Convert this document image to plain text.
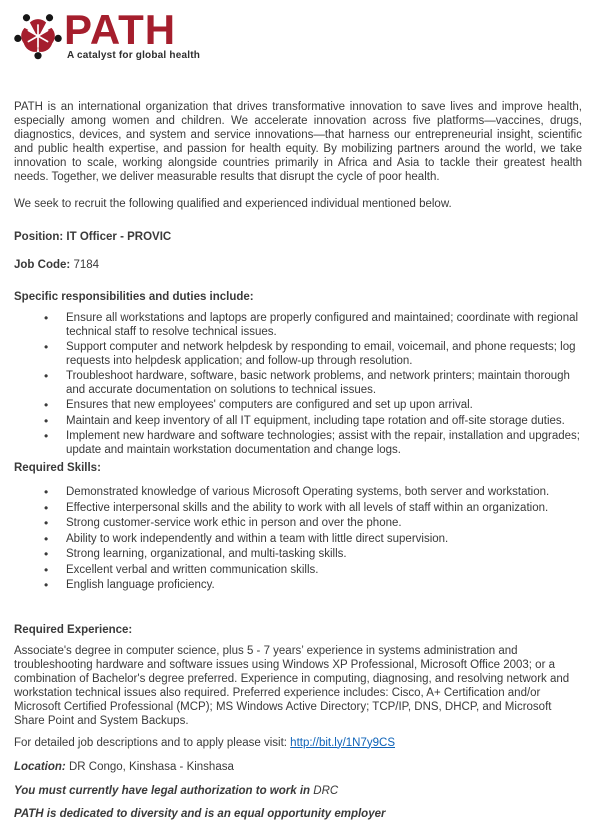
PATH
A catalyst for global health

PATH is an international organization that drives transformative innovation to save lives and improve health, especially among women and children. We accelerate innovation across five platforms—vaccines, drugs, diagnostics, devices, and system and service innovations—that harness our entrepreneurial insight, scientific and public health expertise, and passion for health equity. By mobilizing partners around the world, we take innovation to scale, working alongside countries primarily in Africa and Asia to tackle their greatest health needs. Together, we deliver measurable results that disrupt the cycle of poor health.

We seek to recruit the following qualified and experienced individual mentioned below.

Position: IT Officer - PROVIC

Job Code: 7184

Specific responsibilities and duties include:

• Ensure all workstations and laptops are properly configured and maintained; coordinate with regional technical staff to resolve technical issues.
• Support computer and network helpdesk by responding to email, voicemail, and phone requests; log requests into helpdesk application; and follow-up through resolution.
• Troubleshoot hardware, software, basic network problems, and network printers; maintain thorough and accurate documentation on solutions to technical issues.
• Ensures that new employees' computers are configured and set up upon arrival.
• Maintain and keep inventory of all IT equipment, including tape rotation and off-site storage duties.
• Implement new hardware and software technologies; assist with the repair, installation and upgrades; update and maintain workstation documentation and change logs.

Required Skills:

• Demonstrated knowledge of various Microsoft Operating systems, both server and workstation.
• Effective interpersonal skills and the ability to work with all levels of staff within an organization.
• Strong customer-service work ethic in person and over the phone.
• Ability to work independently and within a team with little direct supervision.
• Strong learning, organizational, and multi-tasking skills.
• Excellent verbal and written communication skills.
• English language proficiency.

Required Experience:

Associate's degree in computer science, plus 5 - 7 years’ experience in systems administration and troubleshooting hardware and software issues using Windows XP Professional, Microsoft Office 2003; or a combination of Bachelor's degree preferred. Experience in computing, diagnosing, and resolving network and workstation technical issues also required. Preferred experience includes: Cisco, A+ Certification and/or Microsoft Certified Professional (MCP); MS Windows Active Directory; TCP/IP, DNS, DHCP, and Microsoft Share Point and System Backups.

For detailed job descriptions and to apply please visit: http://bit.ly/1N7y9CS

Location: DR Congo, Kinshasa - Kinshasa

You must currently have legal authorization to work in DRC

PATH is dedicated to diversity and is an equal opportunity employer
